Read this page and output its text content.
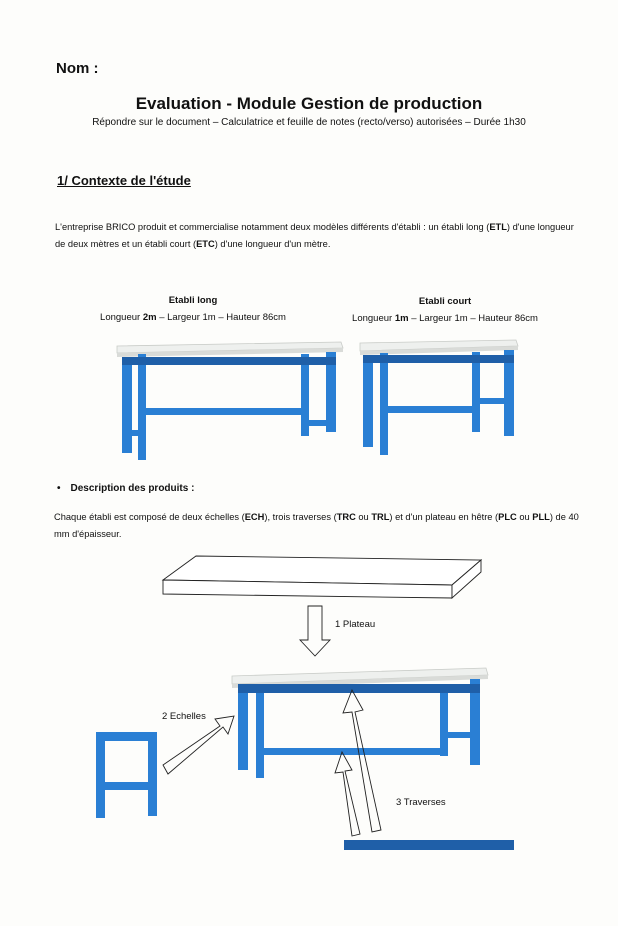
Nom :
Evaluation - Module Gestion de production
Répondre sur le document – Calculatrice et feuille de notes (recto/verso) autorisées – Durée 1h30
1/ Contexte de l'étude
L'entreprise BRICO produit et commercialise notamment deux modèles différents d'établi : un établi long (ETL) d'une longueur de deux mètres et un établi court (ETC) d'une longueur d'un mètre.
Etabli long
Longueur 2m – Largeur 1m – Hauteur 86cm
Etabli court
Longueur 1m – Largeur 1m – Hauteur 86cm
• Description des produits :
Chaque établi est composé de deux échelles (ECH), trois traverses (TRC ou TRL) et d'un plateau en hêtre (PLC ou PLL) de 40 mm d'épaisseur.
1 Plateau
2 Echelles
3 Traverses
